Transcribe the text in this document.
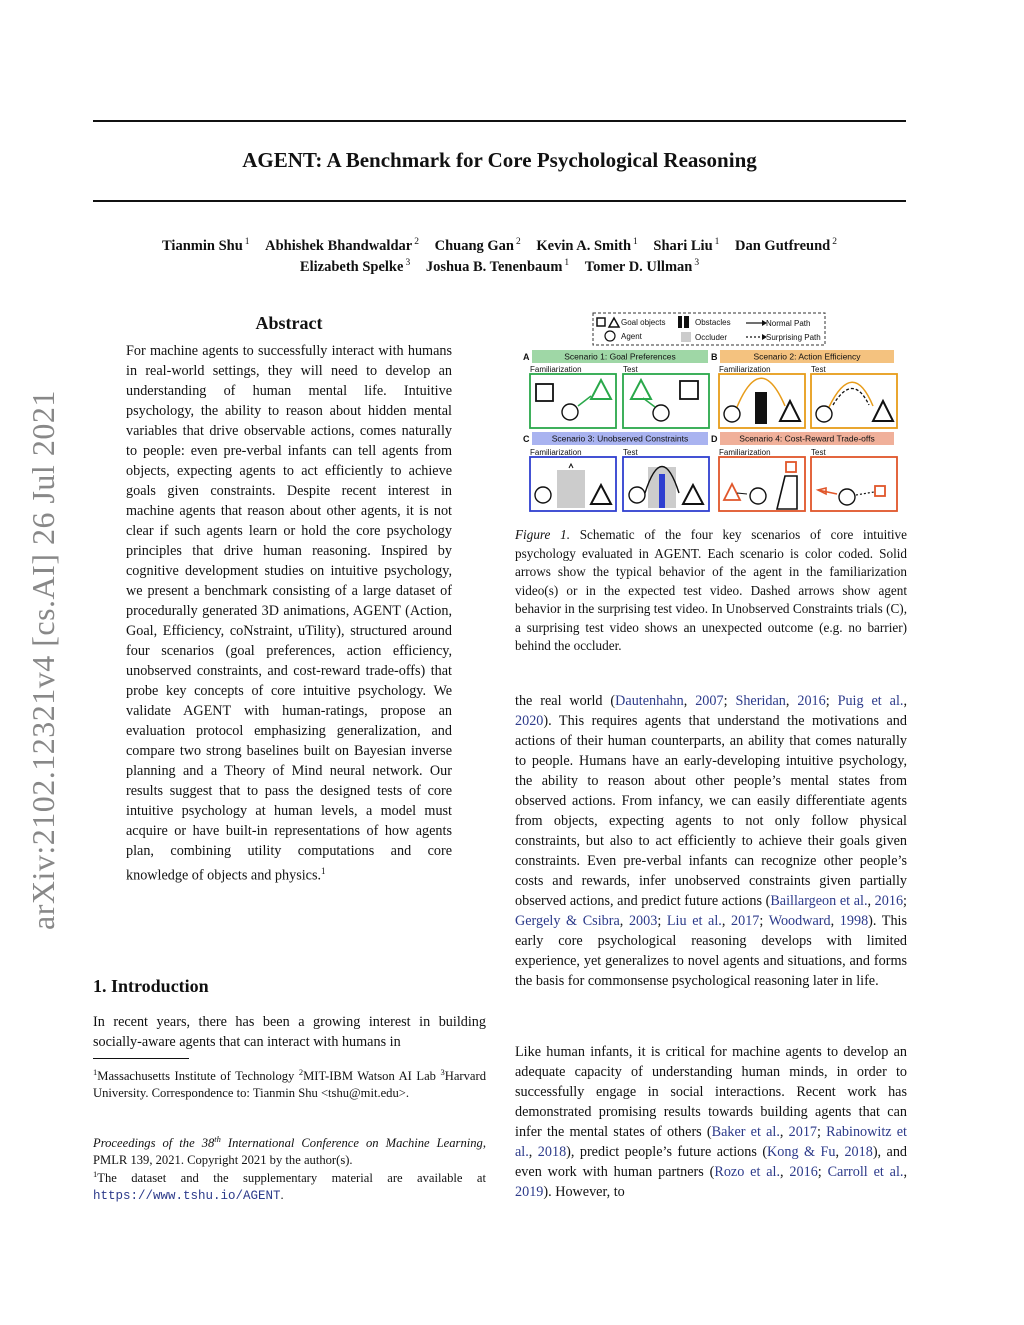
arXiv:2102.12321v4 [cs.AI] 26 Jul 2021
AGENT: A Benchmark for Core Psychological Reasoning
Tianmin Shu $^1$ Abhishek Bhandwaldar $^2$ Chuang Gan $^2$ Kevin A. Smith $^1$ Shari Liu $^1$ Dan Gutfreund $^2$
Elizabeth Spelke $^3$ Joshua B. Tenenbaum $^1$ Tomer D. Ullman $^3$
Abstract

For machine agents to successfully interact with humans in real-world settings, they will need to develop an understanding of human mental life. Intuitive psychology, the ability to reason about hidden mental variables that drive observable actions, comes naturally to people: even pre-verbal infants can tell agents from objects, expecting agents to act efficiently to achieve goals given constraints. Despite recent interest in machine agents that reason about other agents, it is not clear if such agents learn or hold the core psychology principles that drive human reasoning. Inspired by cognitive development studies on intuitive psychology, we present a benchmark consisting of a large dataset of procedurally generated 3D animations, AGENT (Action, Goal, Efficiency, coNstraint, uTility), structured around four scenarios (goal preferences, action efficiency, unobserved constraints, and cost-reward trade-offs) that probe key concepts of core intuitive psychology. We validate AGENT with human-ratings, propose an evaluation protocol emphasizing generalization, and compare two strong baselines built on Bayesian inverse planning and a Theory of Mind neural network. Our results suggest that to pass the designed tests of core intuitive psychology at human levels, a model must acquire or have built-in representations of how agents plan, combining utility computations and core knowledge of objects and physics.$^1$

1. Introduction

In recent years, there has been a growing interest in building socially-aware agents that can interact with humans in

$^1$Massachusetts Institute of Technology $^2$MIT-IBM Watson AI Lab $^3$Harvard University. Correspondence to: Tianmin Shu <tshu@mit.edu>.

Proceedings of the 38th International Conference on Machine Learning, PMLR 139, 2021. Copyright 2021 by the author(s).

$^1$The dataset and the supplementary material are available at https://www.tshu.io/AGENT.

Goal objects
Agent
Obstacles
Occluder
Normal Path
Surprising Path
A	Scenario 1: Goal Preferences
Familiarization	Test
B	Scenario 2: Action Efficiency
Familiarization	Test
C	Scenario 3: Unobserved Constraints
Familiarization	Test
D	Scenario 4: Cost-Reward Trade-offs
Familiarization	Test

Figure 1. Schematic of the four key scenarios of core intuitive psychology evaluated in AGENT. Each scenario is color coded. Solid arrows show the typical behavior of the agent in the familiarization video(s) or in the expected test video. Dashed arrows show agent behavior in the surprising test video. In Unobserved Constraints trials (C), a surprising test video shows an unexpected outcome (e.g. no barrier) behind the occluder.

the real world (Dautenhahn, 2007; Sheridan, 2016; Puig et al., 2020). This requires agents that understand the motivations and actions of their human counterparts, an ability that comes naturally to people. Humans have an early-developing intuitive psychology, the ability to reason about other people’s mental states from observed actions. From infancy, we can easily differentiate agents from objects, expecting agents to not only follow physical constraints, but also to act efficiently to achieve their goals given constraints. Even pre-verbal infants can recognize other people’s costs and rewards, infer unobserved constraints given partially observed actions, and predict future actions (Baillargeon et al., 2016; Gergely & Csibra, 2003; Liu et al., 2017; Woodward, 1998). This early core psychological reasoning develops with limited experience, yet generalizes to novel agents and situations, and forms the basis for commonsense psychological reasoning later in life.

Like human infants, it is critical for machine agents to develop an adequate capacity of understanding human minds, in order to successfully engage in social interactions. Recent work has demonstrated promising results towards building agents that can infer the mental states of others (Baker et al., 2017; Rabinowitz et al., 2018), predict people’s future actions (Kong & Fu, 2018), and even work with human partners (Rozo et al., 2016; Carroll et al., 2019). However, to
